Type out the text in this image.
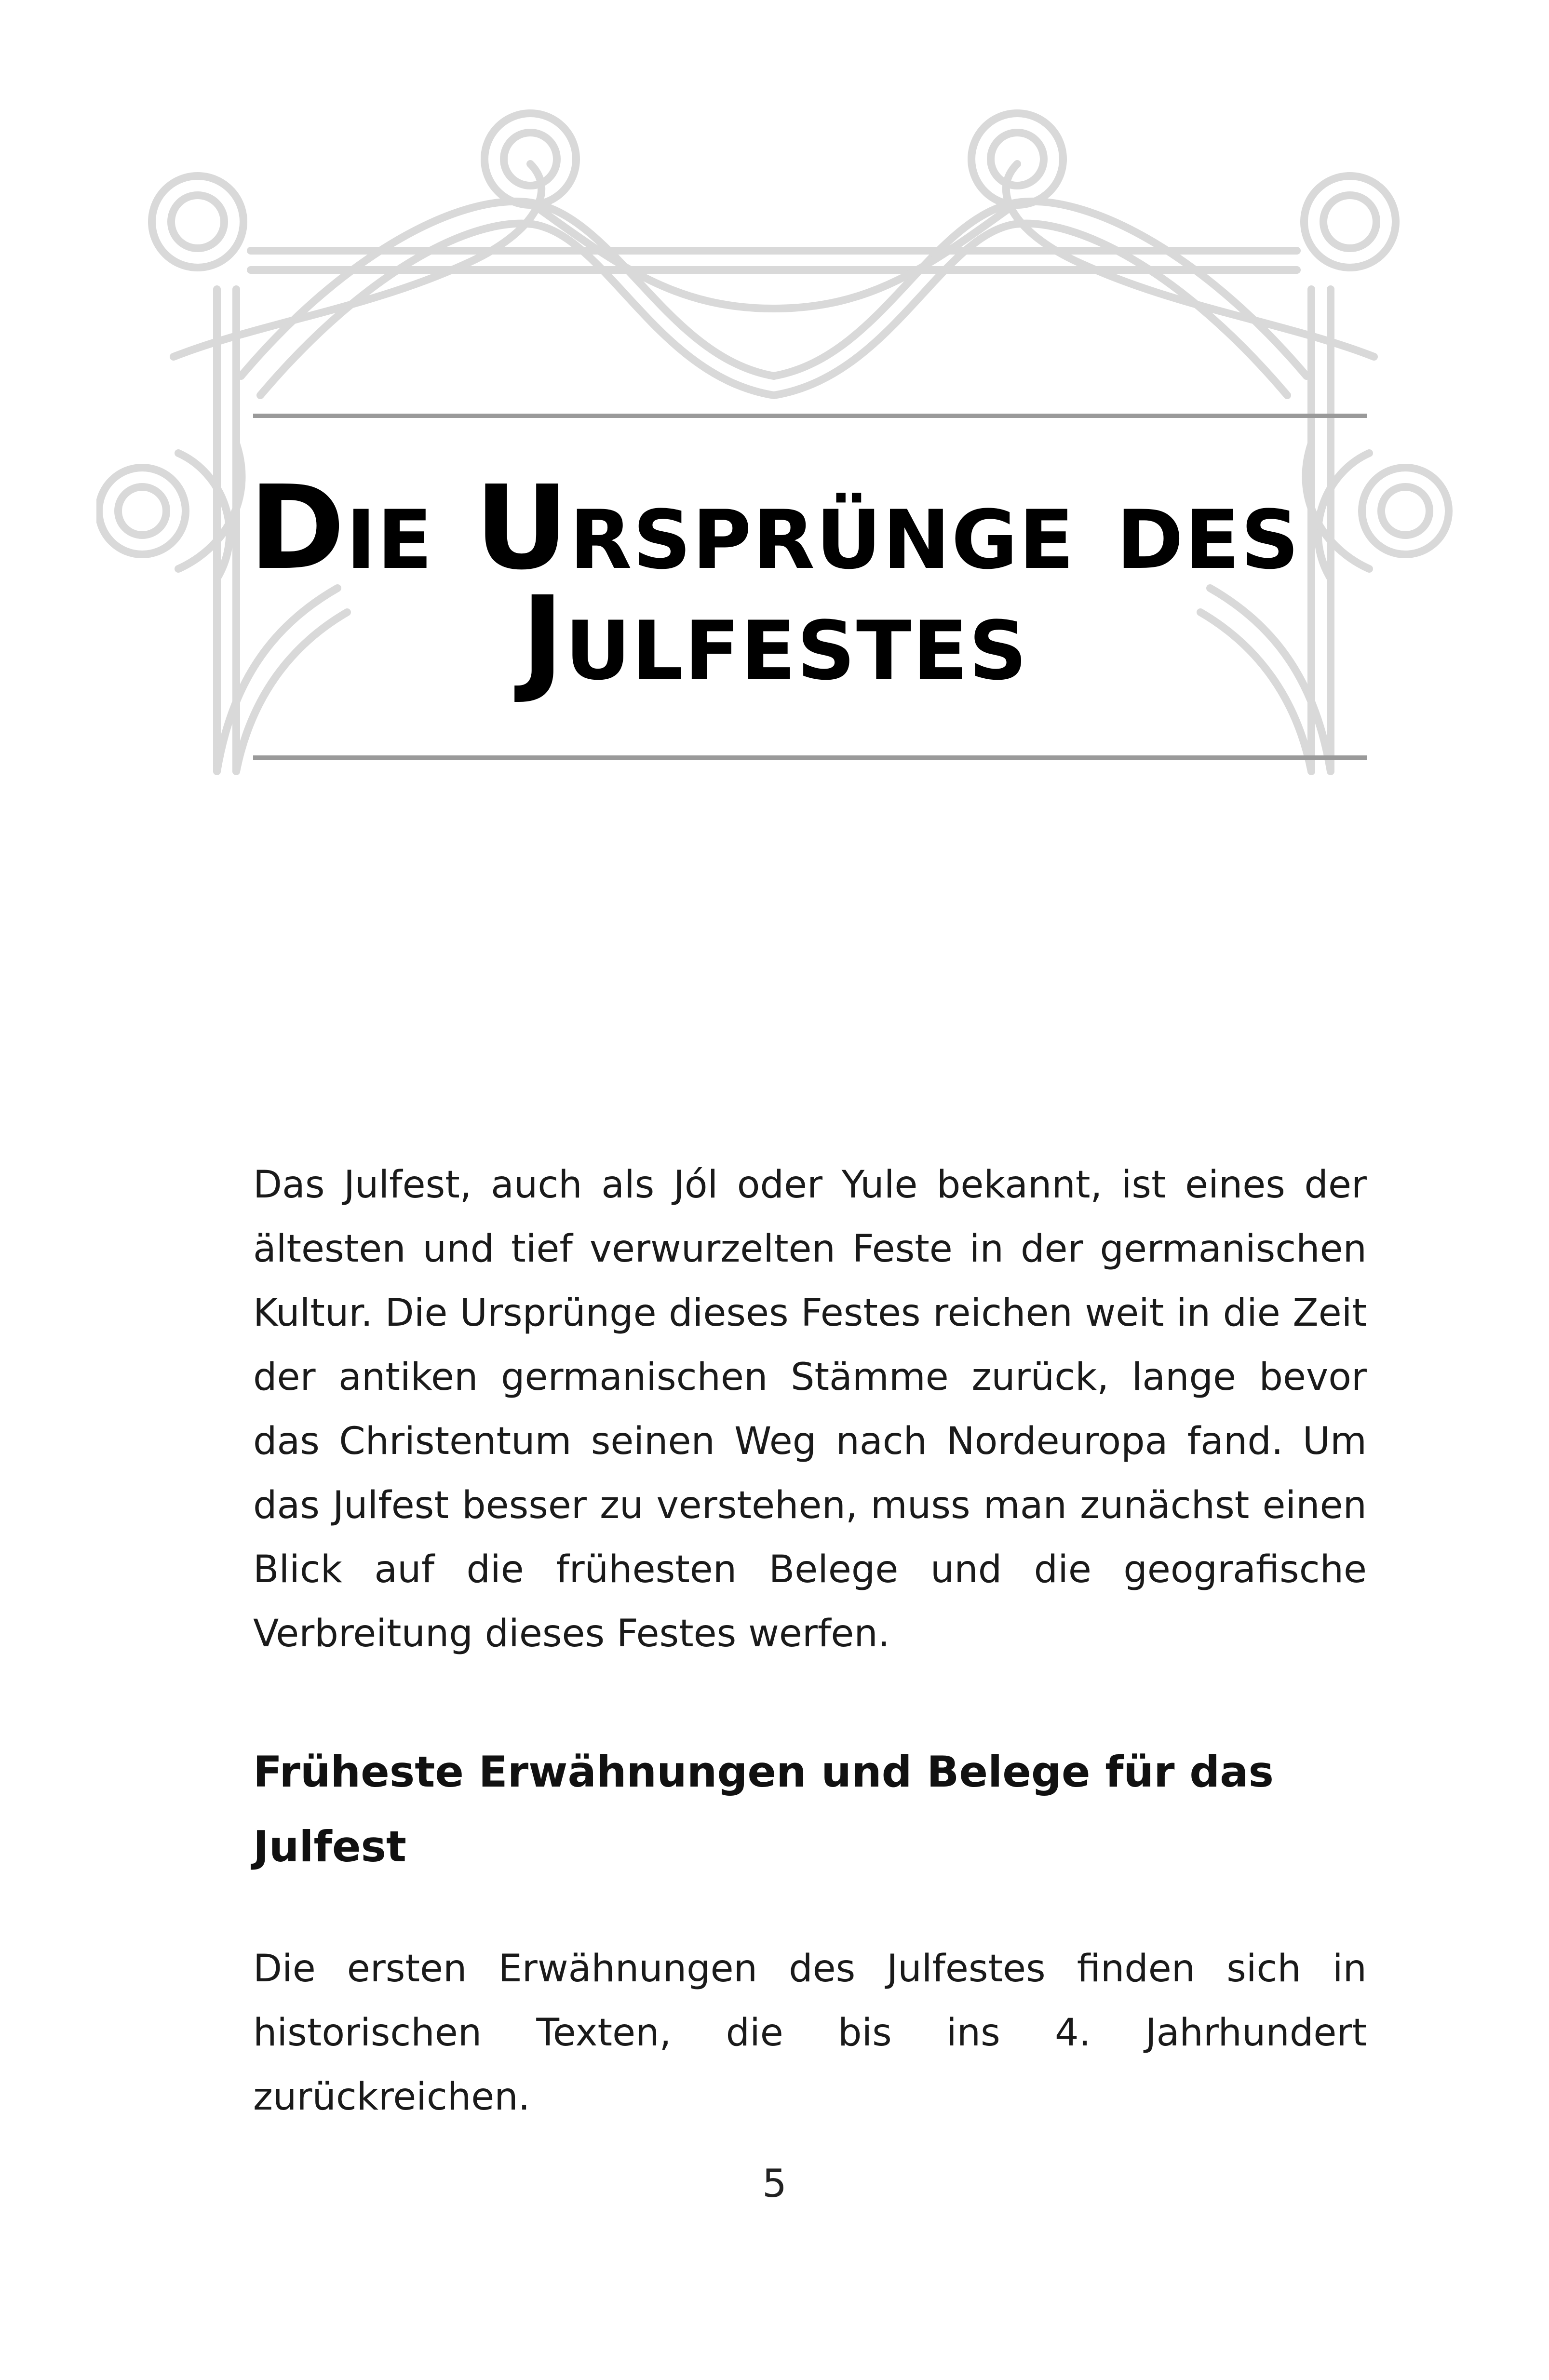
Die Ursprünge des
Julfestes

Das Julfest, auch als Jól oder Yule bekannt, ist eines der ältesten und tief verwurzelten Feste in der germanischen Kultur. Die Ursprünge dieses Festes reichen weit in die Zeit der antiken germanischen Stämme zurück, lange bevor das Christentum seinen Weg nach Nordeuropa fand. Um das Julfest besser zu verstehen, muss man zunächst einen Blick auf die frühesten Belege und die geografische Verbreitung dieses Festes werfen.

Früheste Erwähnungen und Belege für das Julfest

Die ersten Erwähnungen des Julfestes finden sich in historischen Texten, die bis ins 4. Jahrhundert zurückreichen.

5
